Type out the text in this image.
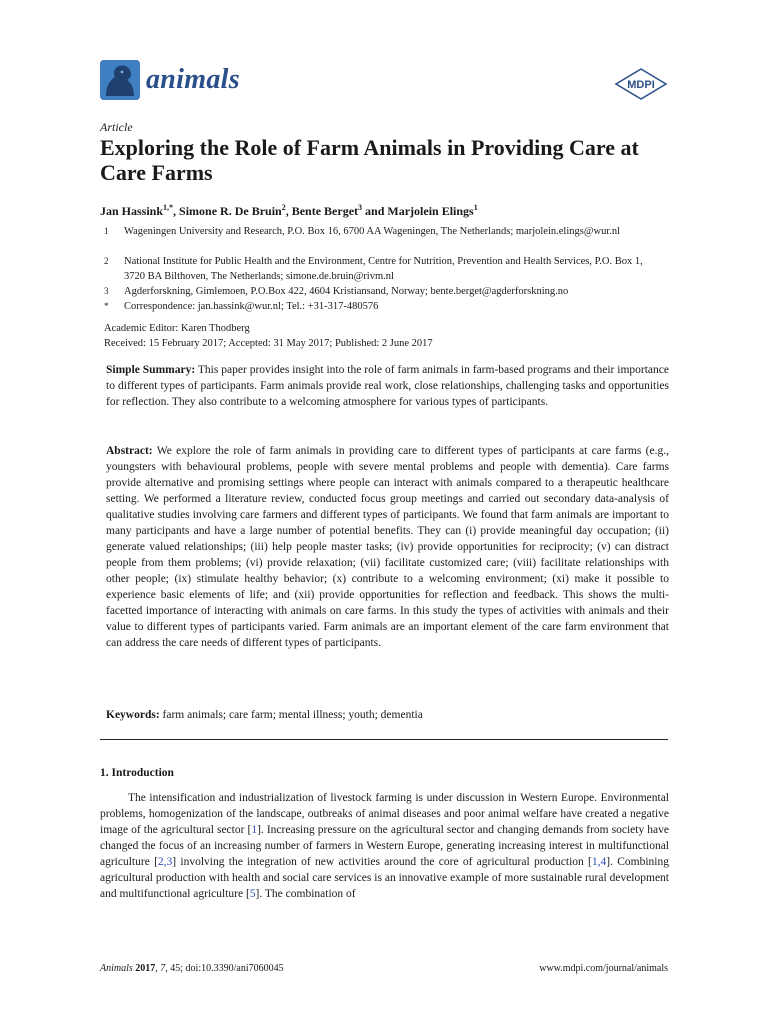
animals	MDPI
Article
Exploring the Role of Farm Animals in Providing Care at Care Farms

Jan Hassink$^{1,*}$, Simone R. De Bruin$^2$, Bente Berget$^3$ and Marjolein Elings$^1$

1	Wageningen University and Research, P.O. Box 16, 6700 AA Wageningen, The Netherlands; marjolein.elings@wur.nl
2	National Institute for Public Health and the Environment, Centre for Nutrition, Prevention and Health Services, P.O. Box 1, 3720 BA Bilthoven, The Netherlands; simone.de.bruin@rivm.nl
3	Agderforskning, Gimlemoen, P.O.Box 422, 4604 Kristiansand, Norway; bente.berget@agderforskning.no
*	Correspondence: jan.hassink@wur.nl; Tel.: +31-317-480576
Academic Editor: Karen Thodberg
Received: 15 February 2017; Accepted: 31 May 2017; Published: 2 June 2017

Simple Summary: This paper provides insight into the role of farm animals in farm-based programs and their importance to different types of participants. Farm animals provide real work, close relationships, challenging tasks and opportunities for reflection. They also contribute to a welcoming atmosphere for various types of participants.

Abstract: We explore the role of farm animals in providing care to different types of participants at care farms (e.g., youngsters with behavioural problems, people with severe mental problems and people with dementia). Care farms provide alternative and promising settings where people can interact with animals compared to a therapeutic healthcare setting. We performed a literature review, conducted focus group meetings and carried out secondary data-analysis of qualitative studies involving care farmers and different types of participants. We found that farm animals are important to many participants and have a large number of potential benefits. They can (i) provide meaningful day occupation; (ii) generate valued relationships; (iii) help people master tasks; (iv) provide opportunities for reciprocity; (v) can distract people from them problems; (vi) provide relaxation; (vii) facilitate customized care; (viii) facilitate relationships with other people; (ix) stimulate healthy behavior; (x) contribute to a welcoming environment; (xi) make it possible to experience basic elements of life; and (xii) provide opportunities for reflection and feedback. This shows the multi-facetted importance of interacting with animals on care farms. In this study the types of activities with animals and their value to different types of participants varied. Farm animals are an important element of the care farm environment that can address the care needs of different types of participants.

Keywords: farm animals; care farm; mental illness; youth; dementia

1. Introduction

The intensification and industrialization of livestock farming is under discussion in Western Europe. Environmental problems, homogenization of the landscape, outbreaks of animal diseases and poor animal welfare have created a negative image of the agricultural sector [1]. Increasing pressure on the agricultural sector and changing demands from society have changed the focus of an increasing number of farmers in Western Europe, generating increasing interest in multifunctional agriculture [2,3] involving the integration of new activities around the core of agricultural production [1,4]. Combining agricultural production with health and social care services is an innovative example of more sustainable rural development and multifunctional agriculture [5]. The combination of

Animals 2017, 7, 45; doi:10.3390/ani7060045	www.mdpi.com/journal/animals
